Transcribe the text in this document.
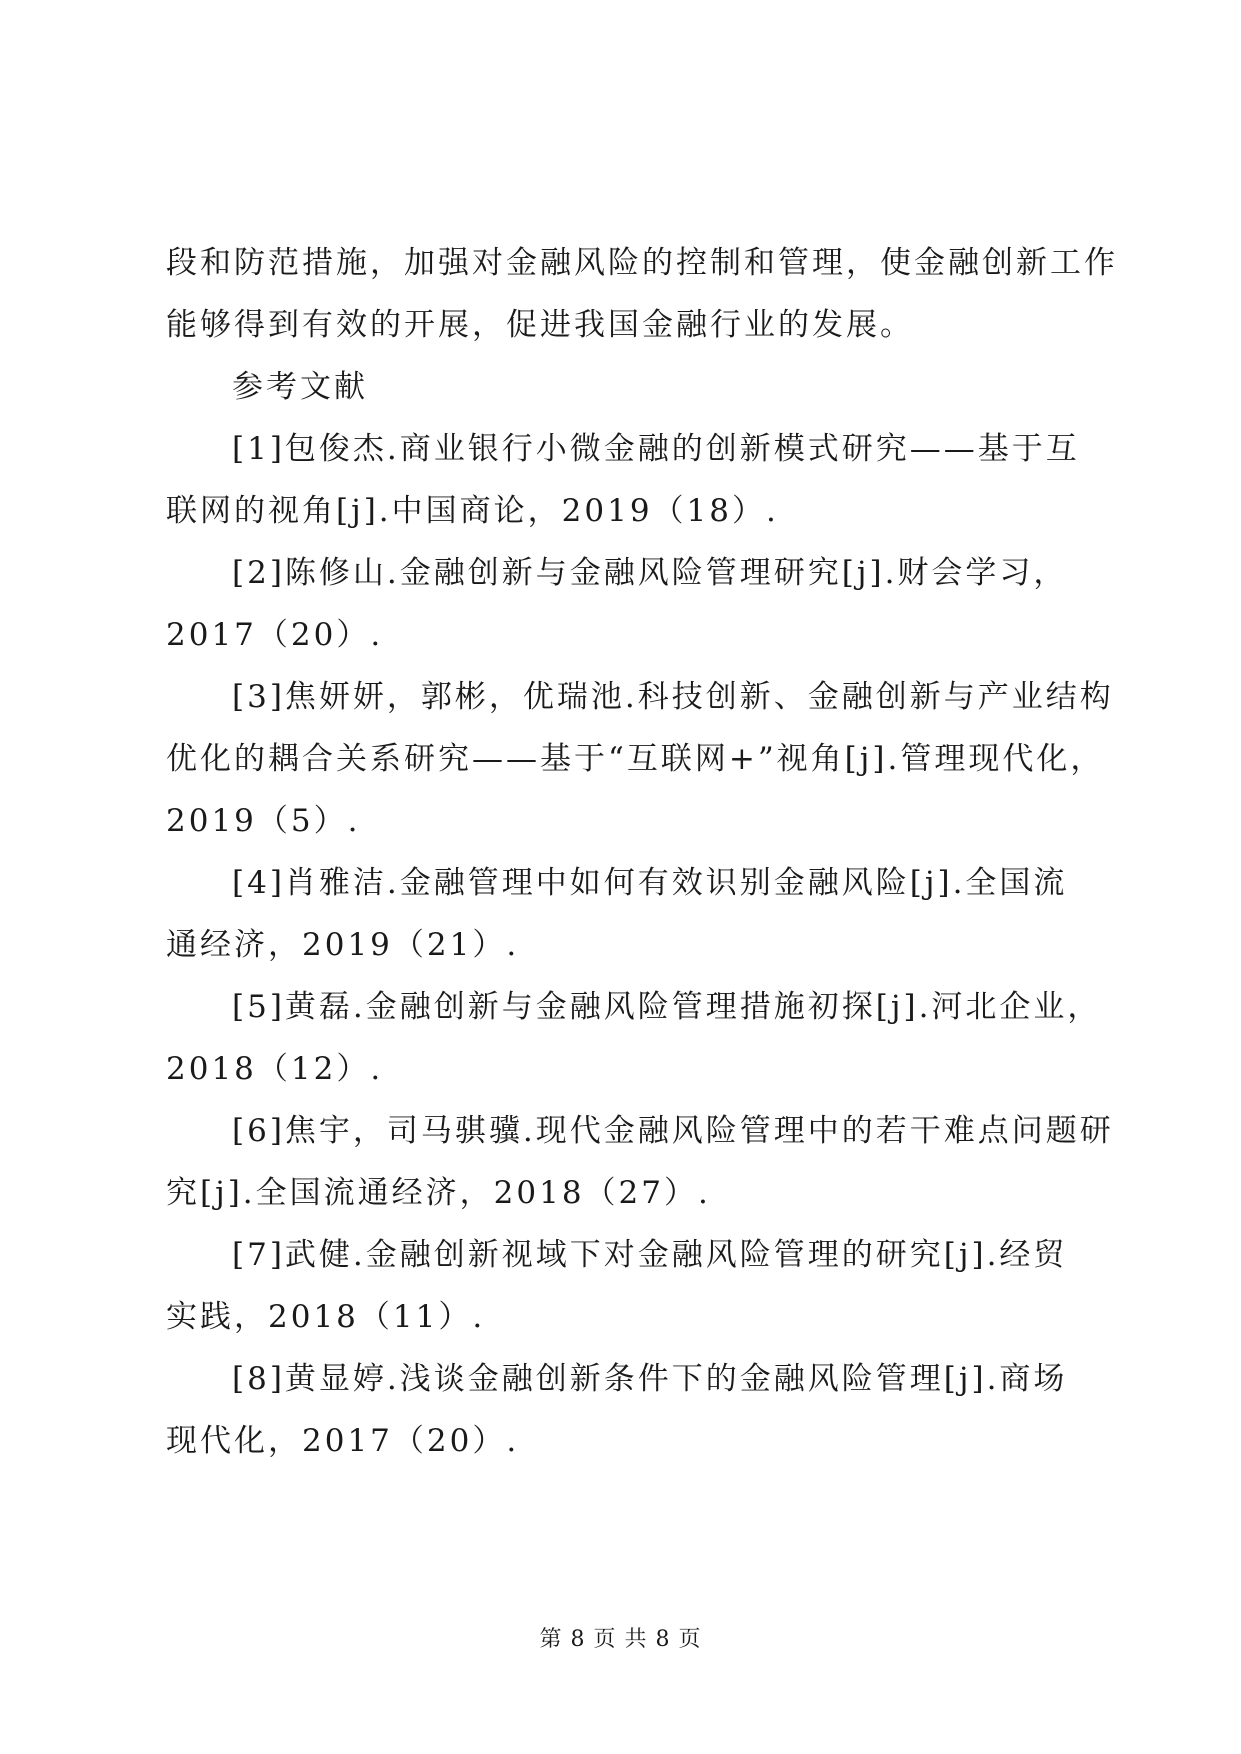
段和防范措施，加强对金融风险的控制和管理，使金融创新工作

能够得到有效的开展，促进我国金融行业的发展。

参考文献

[1]包俊杰.商业银行小微金融的创新模式研究——基于互

联网的视角[j].中国商论，2019（18）.

[2]陈修山.金融创新与金融风险管理研究[j].财会学习，

2017（20）.

[3]焦妍妍，郭彬，优瑞池.科技创新、金融创新与产业结构

优化的耦合关系研究——基于“互联网+”视角[j].管理现代化，

2019（5）.

[4]肖雅洁.金融管理中如何有效识别金融风险[j].全国流

通经济，2019（21）.

[5]黄磊.金融创新与金融风险管理措施初探[j].河北企业，

2018（12）.

[6]焦宇，司马骐骥.现代金融风险管理中的若干难点问题研

究[j].全国流通经济，2018（27）.

[7]武健.金融创新视域下对金融风险管理的研究[j].经贸

实践，2018（11）.

[8]黄显婷.浅谈金融创新条件下的金融风险管理[j].商场

现代化，2017（20）.

第 8 页 共 8 页
